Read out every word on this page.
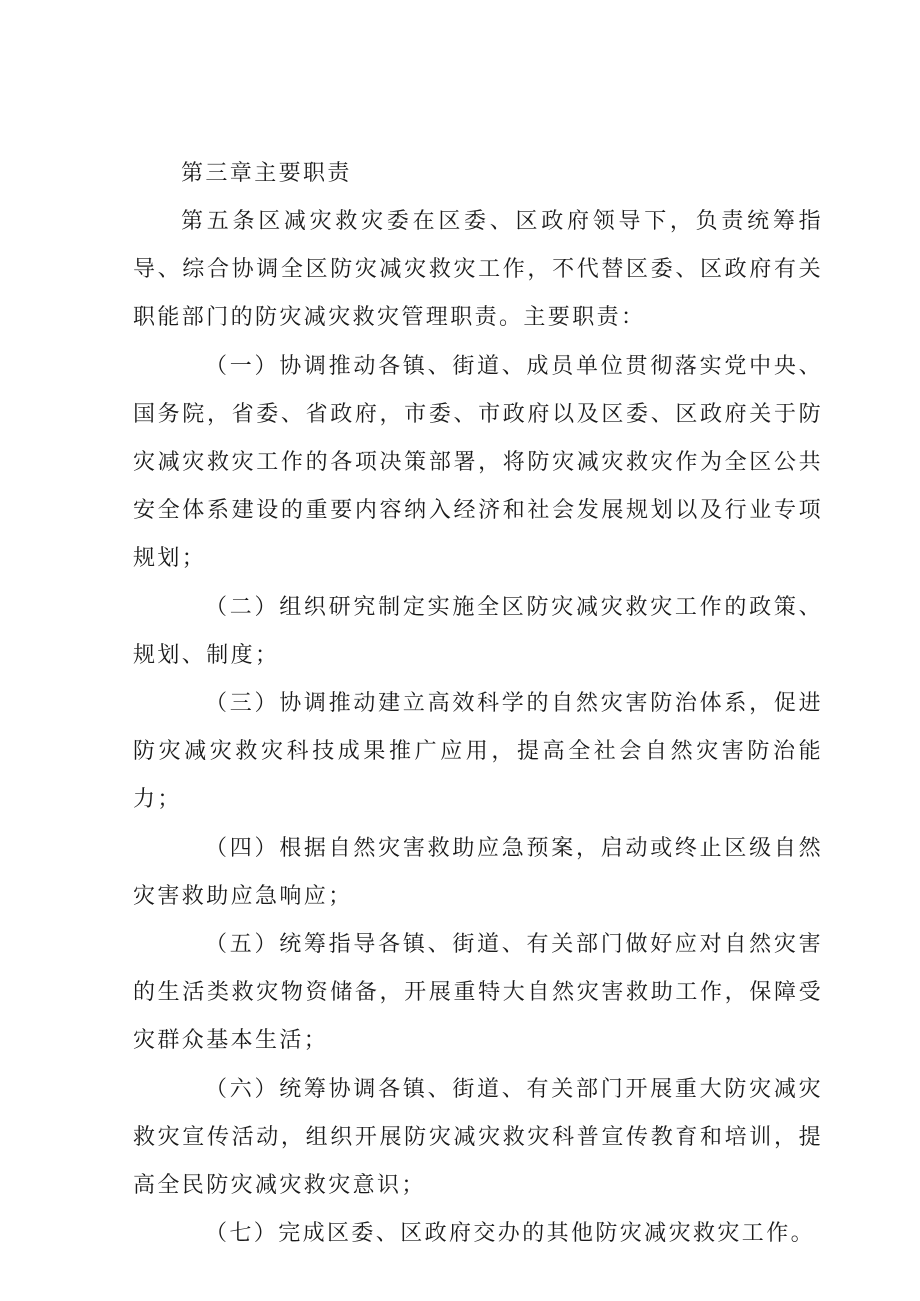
第三章主要职责

第五条区减灾救灾委在区委、区政府领导下，负责统筹指导、综合协调全区防灾减灾救灾工作，不代替区委、区政府有关职能部门的防灾减灾救灾管理职责。主要职责：

（一）协调推动各镇、街道、成员单位贯彻落实党中央、国务院，省委、省政府，市委、市政府以及区委、区政府关于防灾减灾救灾工作的各项决策部署，将防灾减灾救灾作为全区公共安全体系建设的重要内容纳入经济和社会发展规划以及行业专项规划；

（二）组织研究制定实施全区防灾减灾救灾工作的政策、规划、制度；

（三）协调推动建立高效科学的自然灾害防治体系，促进防灾减灾救灾科技成果推广应用，提高全社会自然灾害防治能力；

（四）根据自然灾害救助应急预案，启动或终止区级自然灾害救助应急响应；

（五）统筹指导各镇、街道、有关部门做好应对自然灾害的生活类救灾物资储备，开展重特大自然灾害救助工作，保障受灾群众基本生活；

（六）统筹协调各镇、街道、有关部门开展重大防灾减灾救灾宣传活动，组织开展防灾减灾救灾科普宣传教育和培训，提高全民防灾减灾救灾意识；

（七）完成区委、区政府交办的其他防灾减灾救灾工作。
